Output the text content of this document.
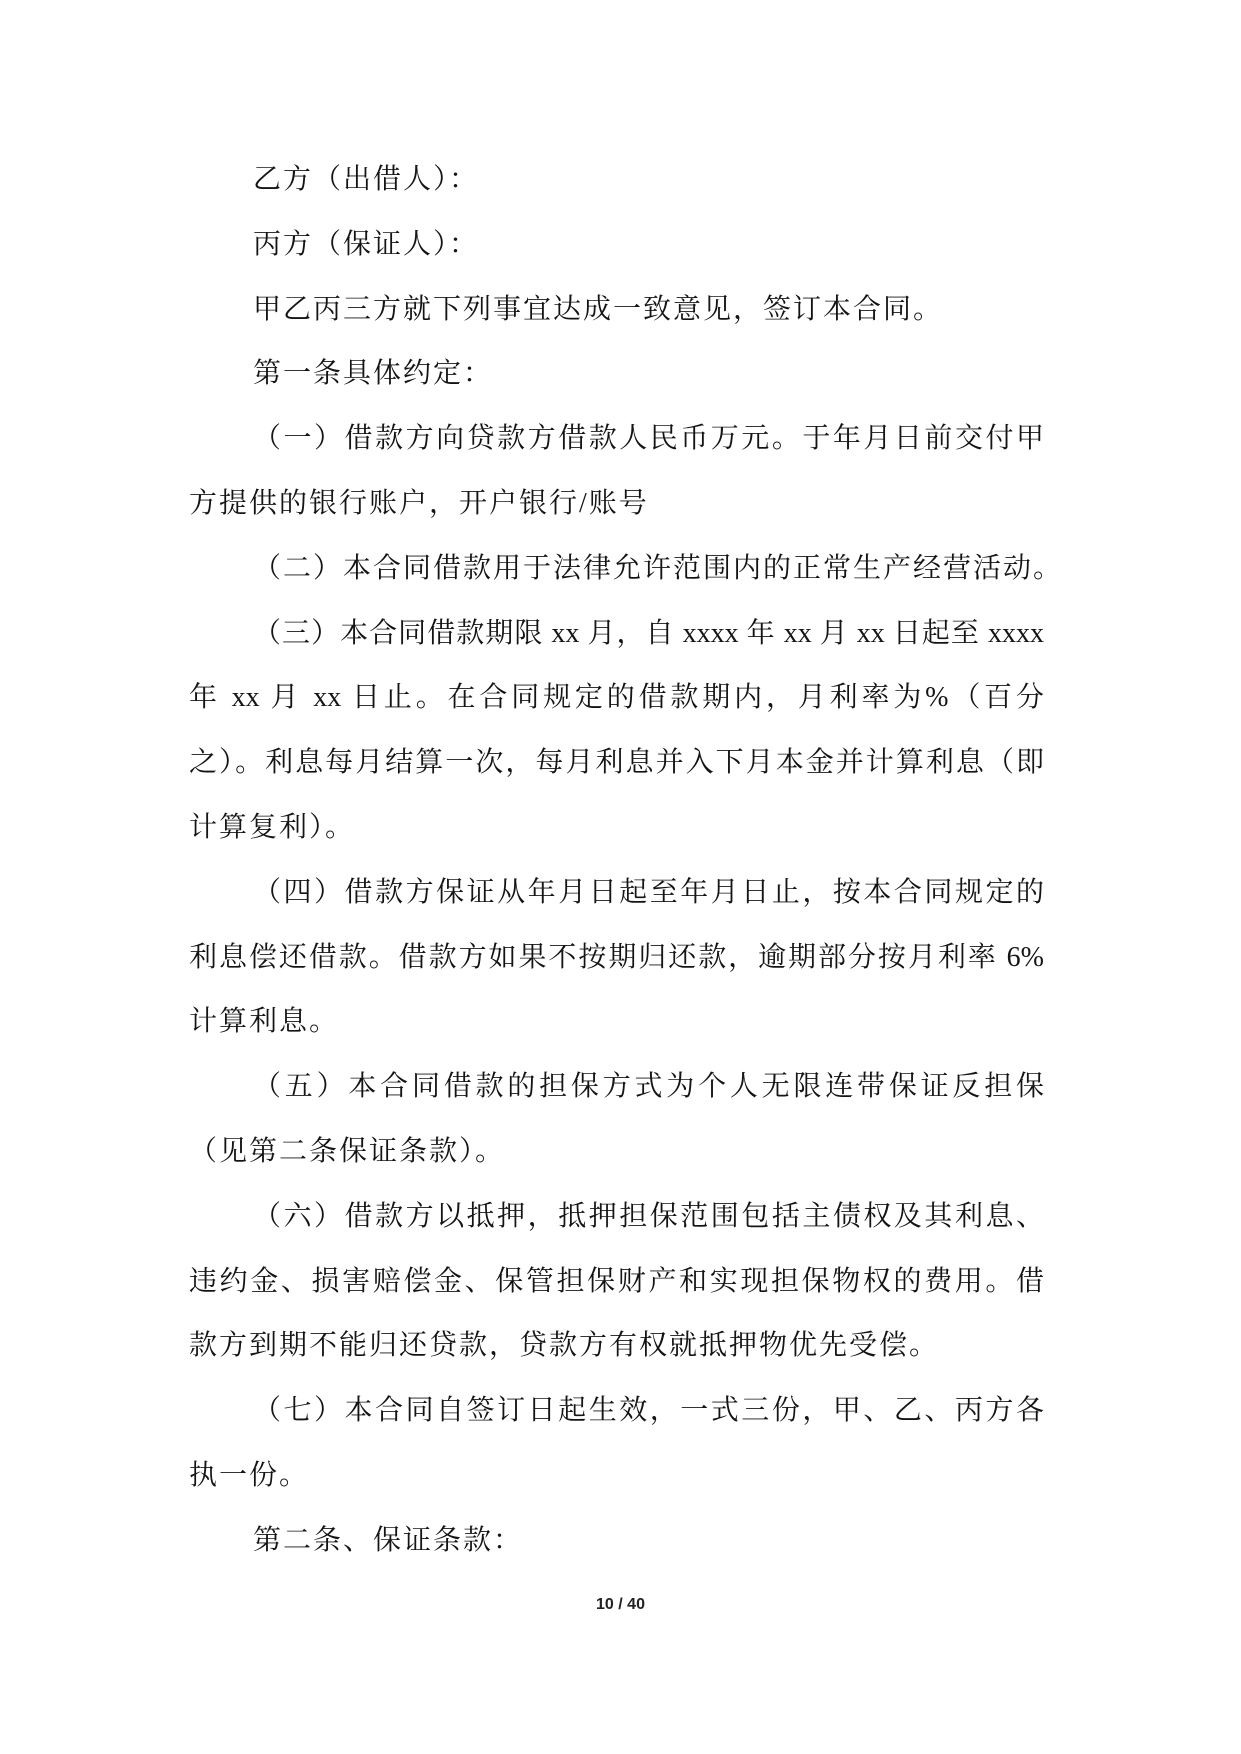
乙方（出借人）：
丙方（保证人）：
甲乙丙三方就下列事宜达成一致意见，签订本合同。
第一条具体约定：
（一）借款方向贷款方借款人民币万元。于年月日前交付甲
方提供的银行账户，开户银行/账号
（二）本合同借款用于法律允许范围内的正常生产经营活动。
（三）本合同借款期限 xx 月，自 xxxx 年 xx 月 xx 日起至 xxxx
年 xx 月 xx 日止。在合同规定的借款期内，月利率为%（百分
之）。利息每月结算一次，每月利息并入下月本金并计算利息（即
计算复利）。
（四）借款方保证从年月日起至年月日止，按本合同规定的
利息偿还借款。借款方如果不按期归还款，逾期部分按月利率 6%
计算利息。
（五）本合同借款的担保方式为个人无限连带保证反担保
（见第二条保证条款）。
（六）借款方以抵押，抵押担保范围包括主债权及其利息、
违约金、损害赔偿金、保管担保财产和实现担保物权的费用。借
款方到期不能归还贷款，贷款方有权就抵押物优先受偿。
（七）本合同自签订日起生效，一式三份，甲、乙、丙方各
执一份。
第二条、保证条款：
10 / 40
